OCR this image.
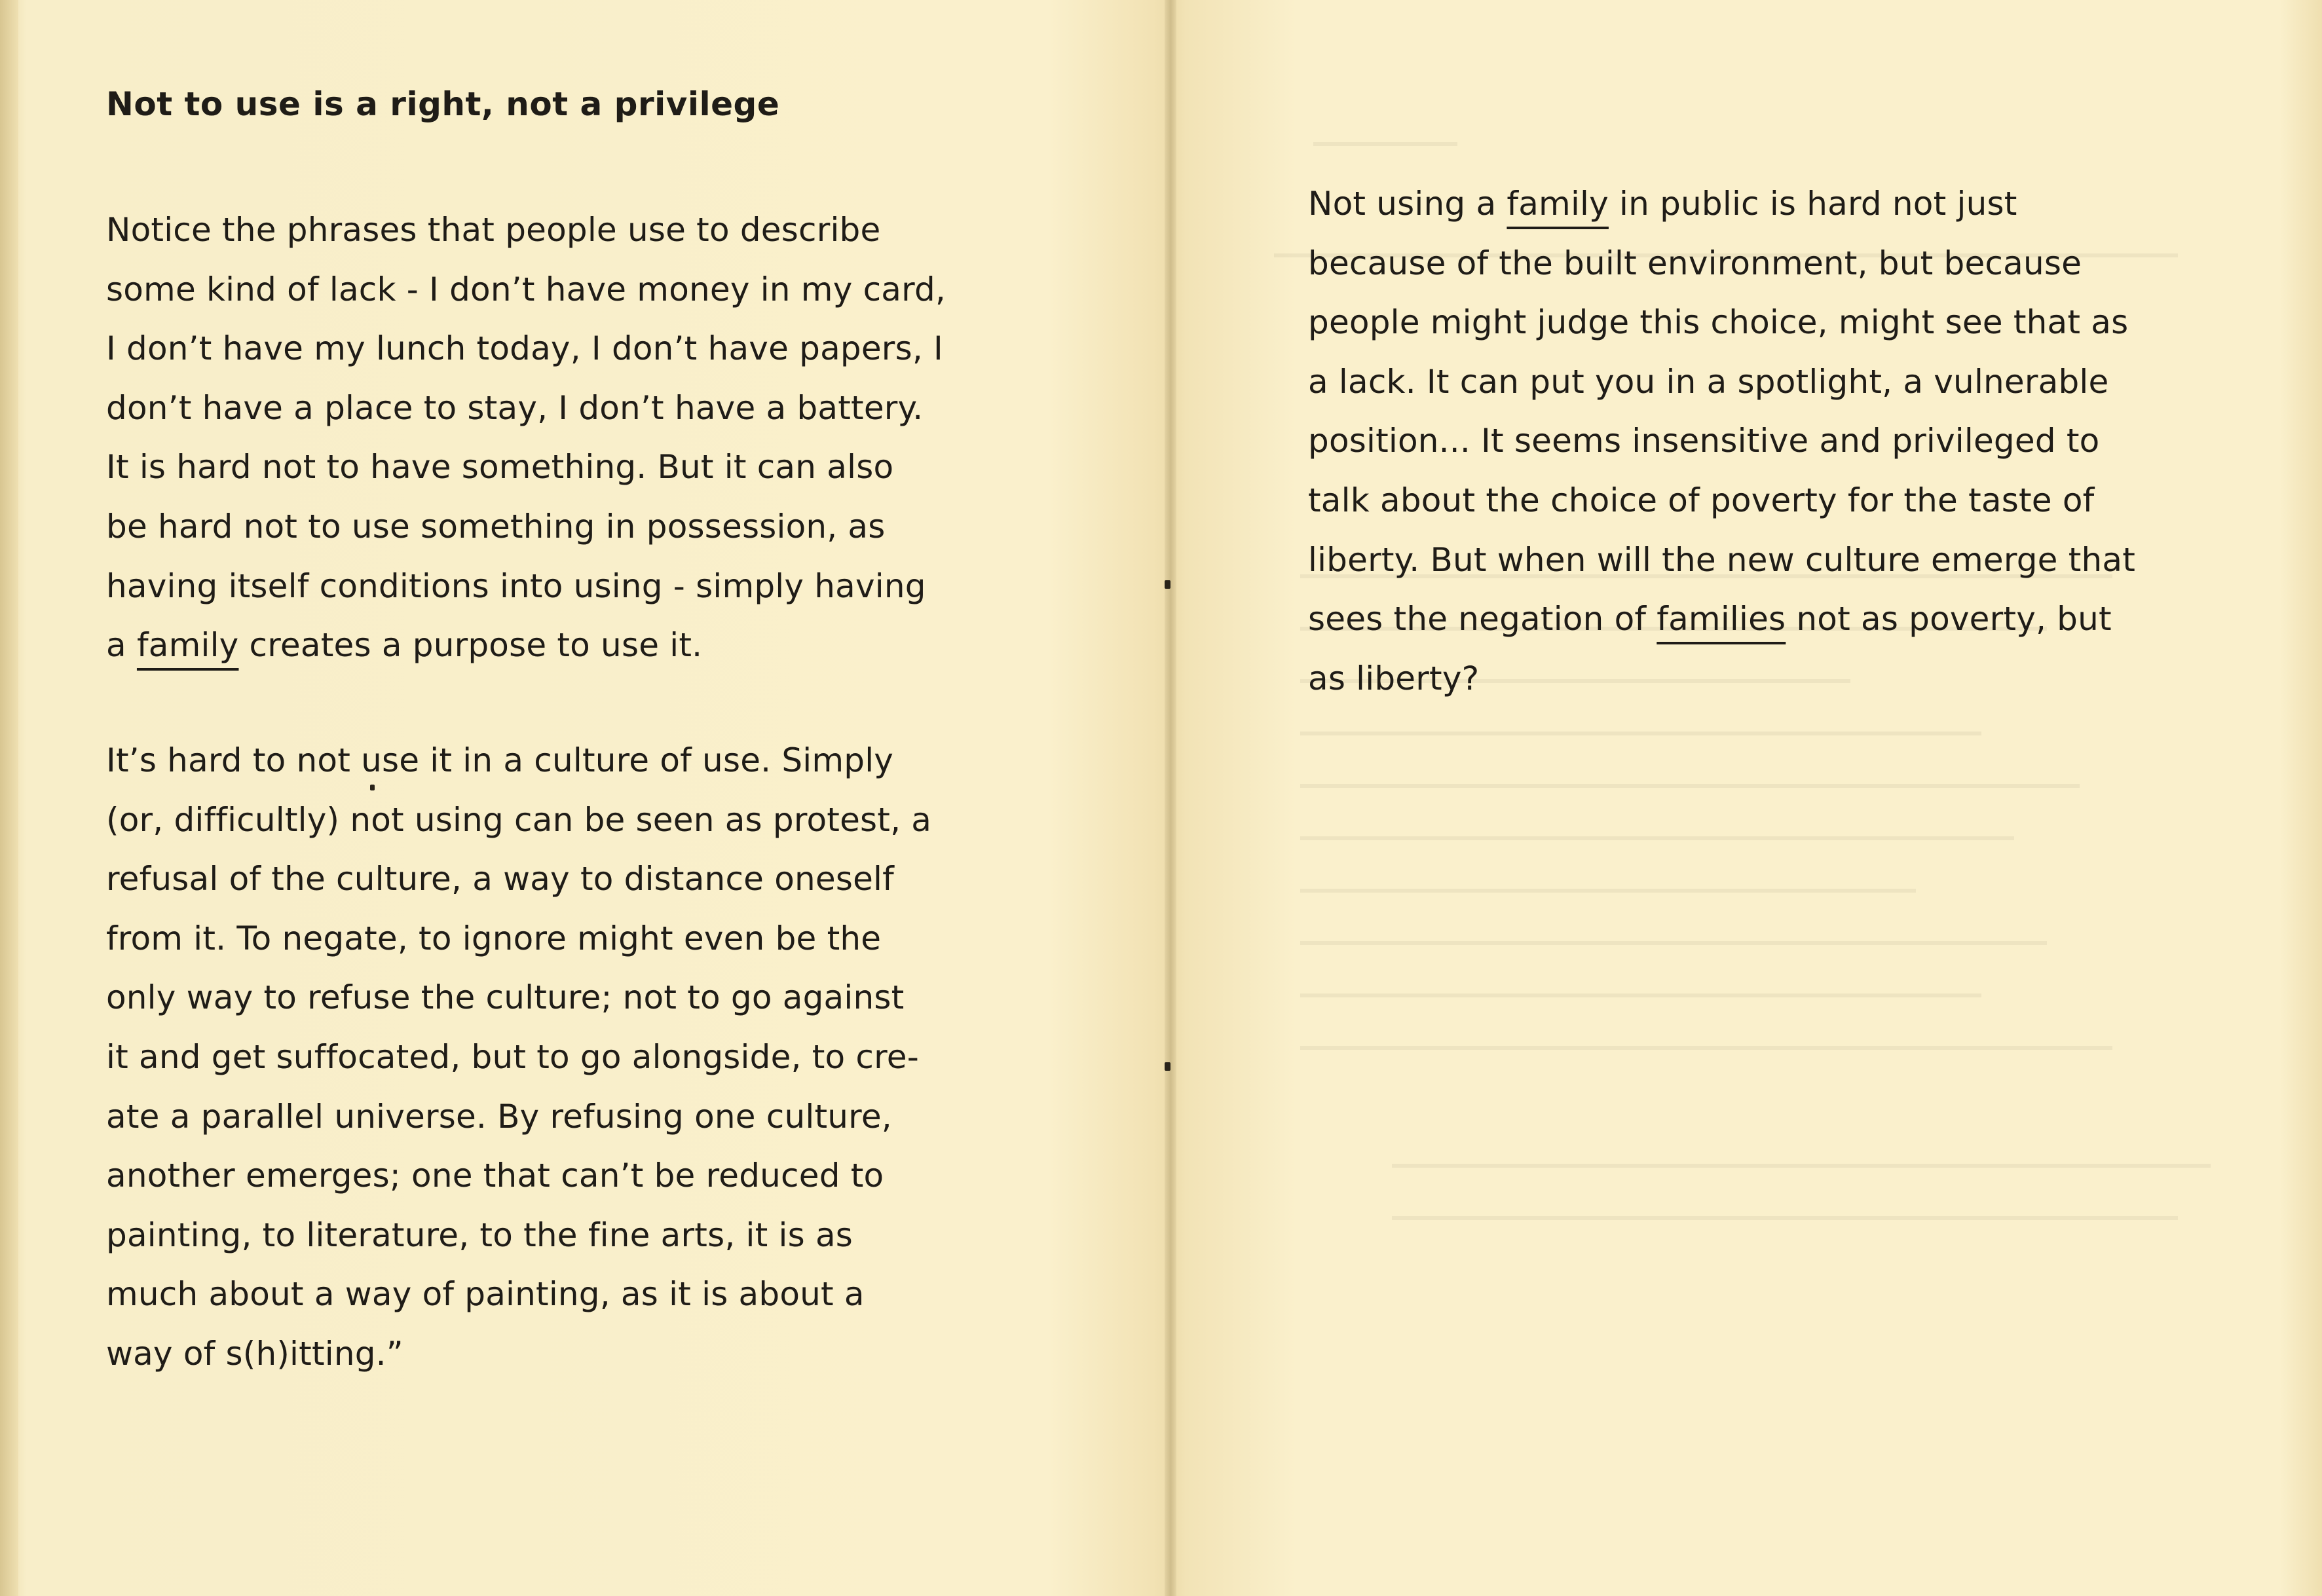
Not to use is a right, not a privilege

Notice the phrases that people use to describe
some kind of lack - I don’t have money in my card,
I don’t have my lunch today, I don’t have papers, I
don’t have a place to stay, I don’t have a battery.
It is hard not to have something. But it can also
be hard not to use something in possession, as
having itself conditions into using - simply having
a family creates a purpose to use it.

It’s hard to not use it in a culture of use. Simply
(or, difficultly) not using can be seen as protest, a
refusal of the culture, a way to distance oneself
from it. To negate, to ignore might even be the
only way to refuse the culture; not to go against
it and get suffocated, but to go alongside, to cre-
ate a parallel universe. By refusing one culture,
another emerges; one that can’t be reduced to
painting, to literature, to the fine arts, it is as
much about a way of painting, as it is about a
way of s(h)itting.”

Not using a family in public is hard not just
because of the built environment, but because
people might judge this choice, might see that as
a lack. It can put you in a spotlight, a vulnerable
position... It seems insensitive and privileged to
talk about the choice of poverty for the taste of
liberty. But when will the new culture emerge that
sees the negation of families not as poverty, but
as liberty?
